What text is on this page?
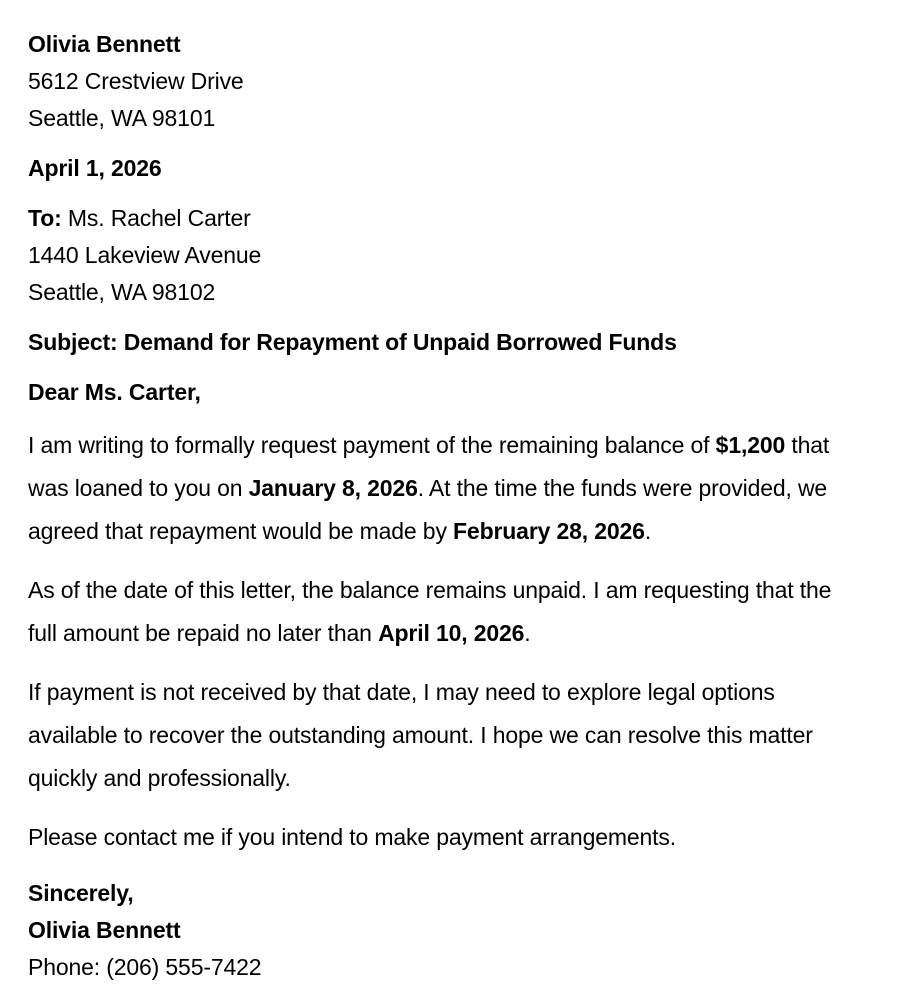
Olivia Bennett
5612 Crestview Drive
Seattle, WA 98101
April 1, 2026
To: Ms. Rachel Carter
1440 Lakeview Avenue
Seattle, WA 98102
Subject: Demand for Repayment of Unpaid Borrowed Funds
Dear Ms. Carter,
I am writing to formally request payment of the remaining balance of $1,200 that was loaned to you on January 8, 2026. At the time the funds were provided, we agreed that repayment would be made by February 28, 2026.
As of the date of this letter, the balance remains unpaid. I am requesting that the full amount be repaid no later than April 10, 2026.
If payment is not received by that date, I may need to explore legal options available to recover the outstanding amount. I hope we can resolve this matter quickly and professionally.
Please contact me if you intend to make payment arrangements.
Sincerely,
Olivia Bennett
Phone: (206) 555-7422
